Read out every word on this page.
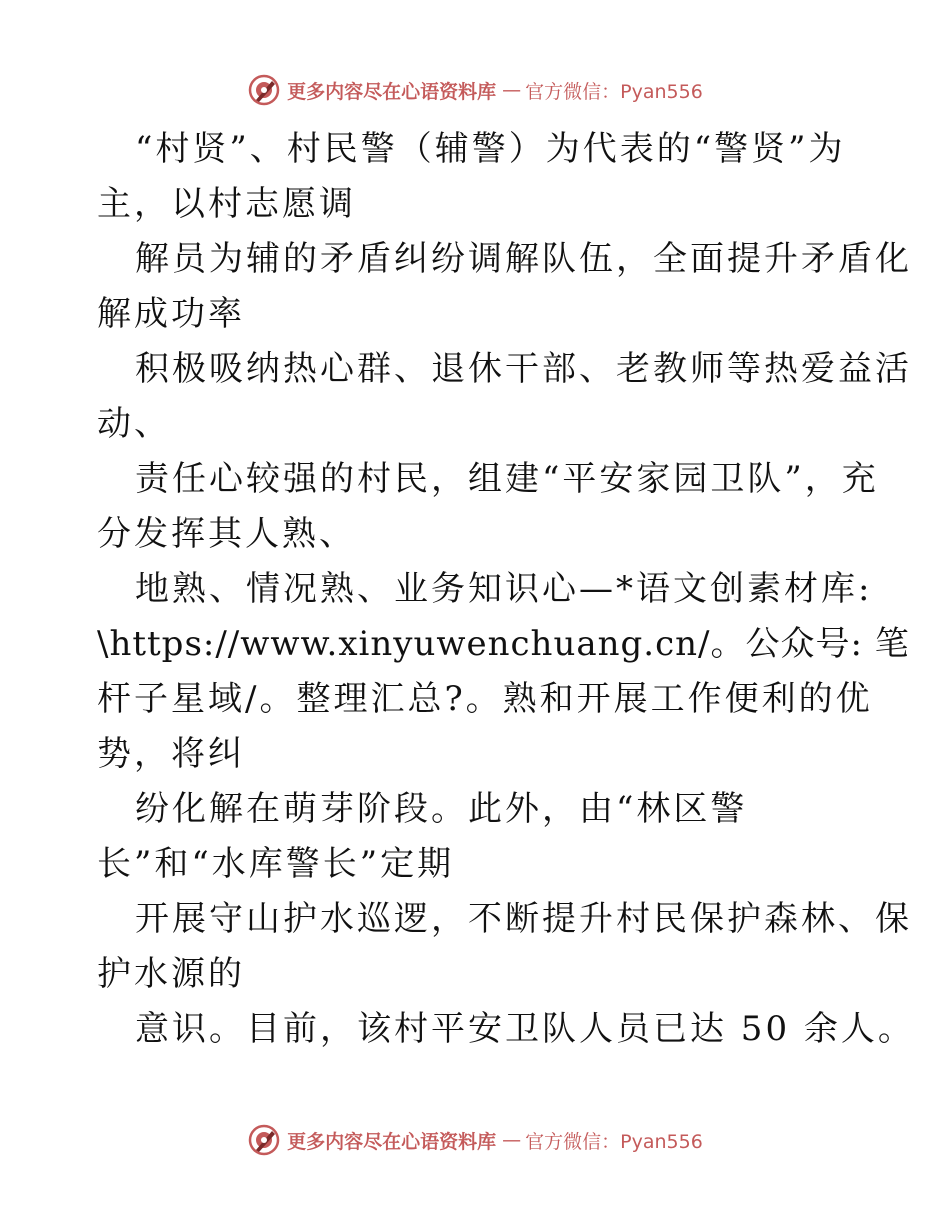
更多内容尽在心语资料库 — 官方微信：Pyan556
“村贤”、村民警（辅警）为代表的“警贤”为
主，以村志愿调
解员为辅的矛盾纠纷调解队伍，全面提升矛盾化
解成功率
积极吸纳热心群、退休干部、老教师等热爱益活
动、
责任心较强的村民，组建“平安家园卫队”，充
分发挥其人熟、
地熟、情况熟、业务知识心—*语文创素材库:
\https://www.xinyuwenchuang.cn/。公众号: 笔
杆子星域/。整理汇总?。熟和开展工作便利的优
势，将纠
纷化解在萌芽阶段。此外，由“林区警
长”和“水库警长”定期
开展守山护水巡逻，不断提升村民保护森林、保
护水源的
意识。目前，该村平安卫队人员已达 50 余人。
更多内容尽在心语资料库 — 官方微信：Pyan556
